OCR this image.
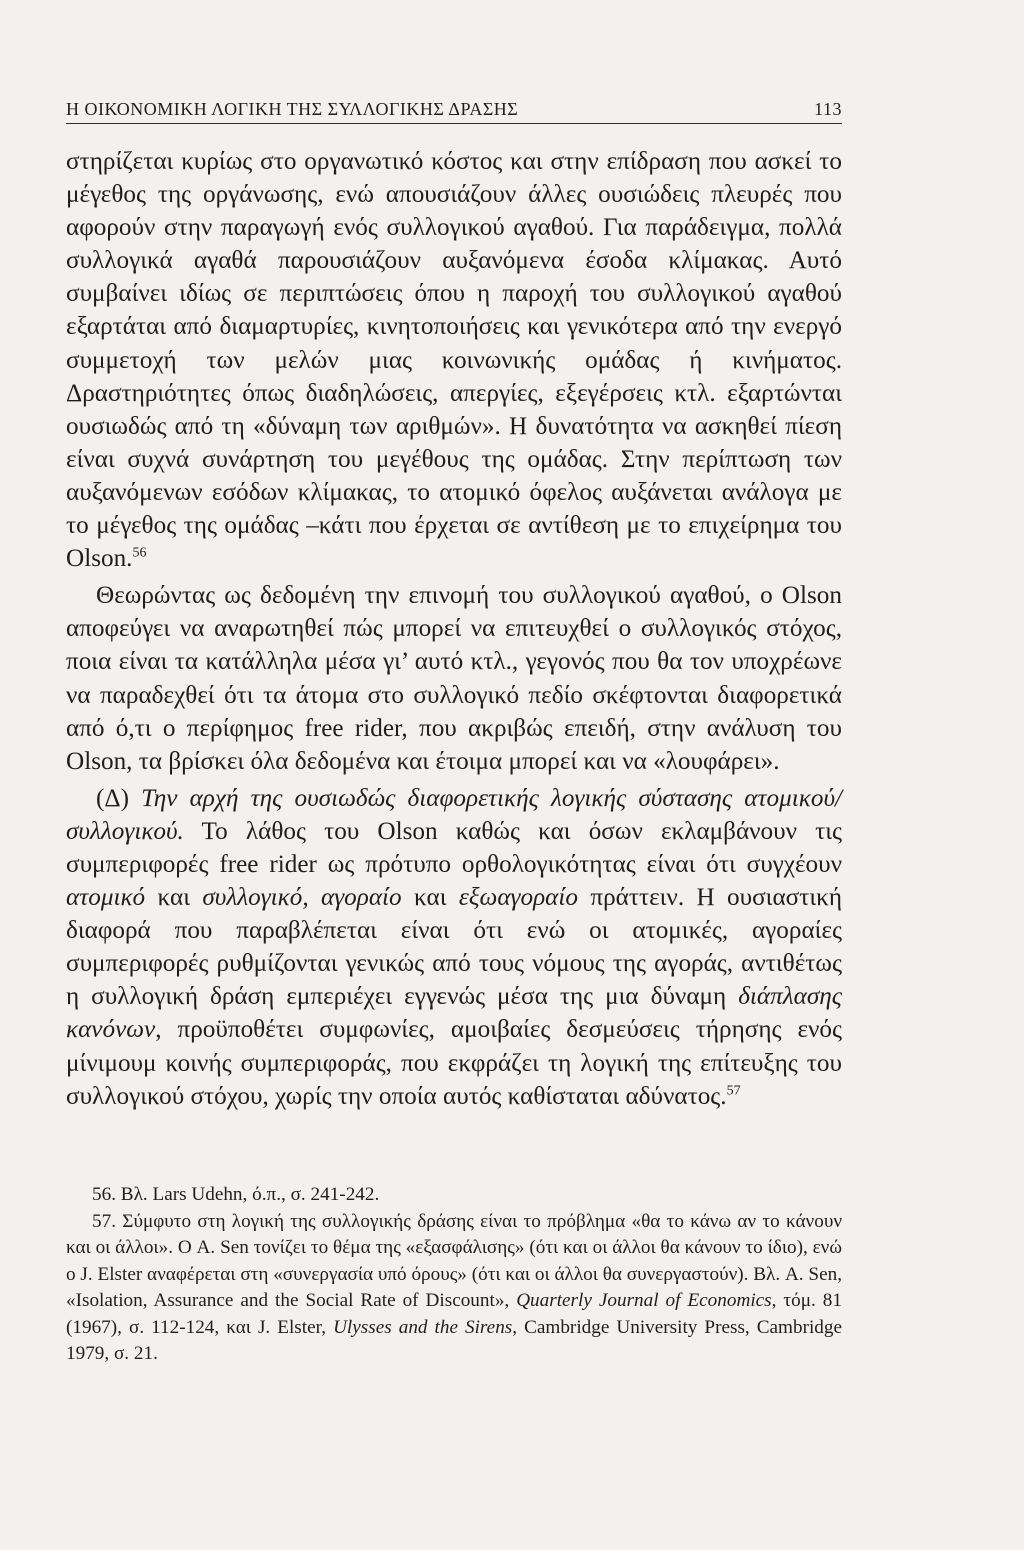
Η ΟΙΚΟΝΟΜΙΚΗ ΛΟΓΙΚΗ ΤΗΣ ΣΥΛΛΟΓΙΚΗΣ ΔΡΑΣΗΣ	113

στηρίζεται κυρίως στο οργανωτικό κόστος και στην επίδραση που ασκεί το μέγεθος της οργάνωσης, ενώ απουσιάζουν άλλες ουσιώδεις πλευρές που αφορούν στην παραγωγή ενός συλλογικού αγαθού. Για παράδειγμα, πολλά συλλογικά αγαθά παρουσιάζουν αυξανόμενα έσοδα κλίμακας. Αυτό συμβαίνει ιδίως σε περιπτώσεις όπου η παροχή του συλλογικού αγαθού εξαρτάται από διαμαρτυρίες, κινητοποιήσεις και γενικότερα από την ενεργό συμμετοχή των μελών μιας κοινωνικής ομάδας ή κινήματος. Δραστηριότητες όπως διαδηλώσεις, απεργίες, εξεγέρσεις κτλ. εξαρτώνται ουσιωδώς από τη «δύναμη των αριθμών». Η δυνατότητα να ασκηθεί πίεση είναι συχνά συνάρτηση του μεγέθους της ομάδας. Στην περίπτωση των αυξανόμενων εσόδων κλίμακας, το ατομικό όφελος αυξάνεται ανάλογα με το μέγεθος της ομάδας –κάτι που έρχεται σε αντίθεση με το επιχείρημα του Olson.$^{56}$

Θεωρώντας ως δεδομένη την επινομή του συλλογικού αγαθού, ο Olson αποφεύγει να αναρωτηθεί πώς μπορεί να επιτευχθεί ο συλλογικός στόχος, ποια είναι τα κατάλληλα μέσα γι’ αυτό κτλ., γεγονός που θα τον υποχρέωνε να παραδεχθεί ότι τα άτομα στο συλλογικό πεδίο σκέφτονται διαφορετικά από ό,τι ο περίφημος free rider, που ακριβώς επειδή, στην ανάλυση του Olson, τα βρίσκει όλα δεδομένα και έτοιμα μπορεί και να «λουφάρει».

(Δ) Την αρχή της ουσιωδώς διαφορετικής λογικής σύστασης ατομικού/συλλογικού. Το λάθος του Olson καθώς και όσων εκλαμβάνουν τις συμπεριφορές free rider ως πρότυπο ορθολογικότητας είναι ότι συγχέουν ατομικό και συλλογικό, αγοραίο και εξωαγοραίο πράττειν. Η ουσιαστική διαφορά που παραβλέπεται είναι ότι ενώ οι ατομικές, αγοραίες συμπεριφορές ρυθμίζονται γενικώς από τους νόμους της αγοράς, αντιθέτως η συλλογική δράση εμπεριέχει εγγενώς μέσα της μια δύναμη διάπλασης κανόνων, προϋποθέτει συμφωνίες, αμοιβαίες δεσμεύσεις τήρησης ενός μίνιμουμ κοινής συμπεριφοράς, που εκφράζει τη λογική της επίτευξης του συλλογικού στόχου, χωρίς την οποία αυτός καθίσταται αδύνατος.$^{57}$

56. Βλ. Lars Udehn, ό.π., σ. 241-242.

57. Σύμφυτο στη λογική της συλλογικής δράσης είναι το πρόβλημα «θα το κάνω αν το κάνουν και οι άλλοι». Ο A. Sen τονίζει το θέμα της «εξασφάλισης» (ότι και οι άλλοι θα κάνουν το ίδιο), ενώ ο J. Elster αναφέρεται στη «συνεργασία υπό όρους» (ότι και οι άλλοι θα συνεργαστούν). Βλ. A. Sen, «Isolation, Assurance and the Social Rate of Discount», Quarterly Journal of Economics, τόμ. 81 (1967), σ. 112-124, και J. Elster, Ulysses and the Sirens, Cambridge University Press, Cambridge 1979, σ. 21.
